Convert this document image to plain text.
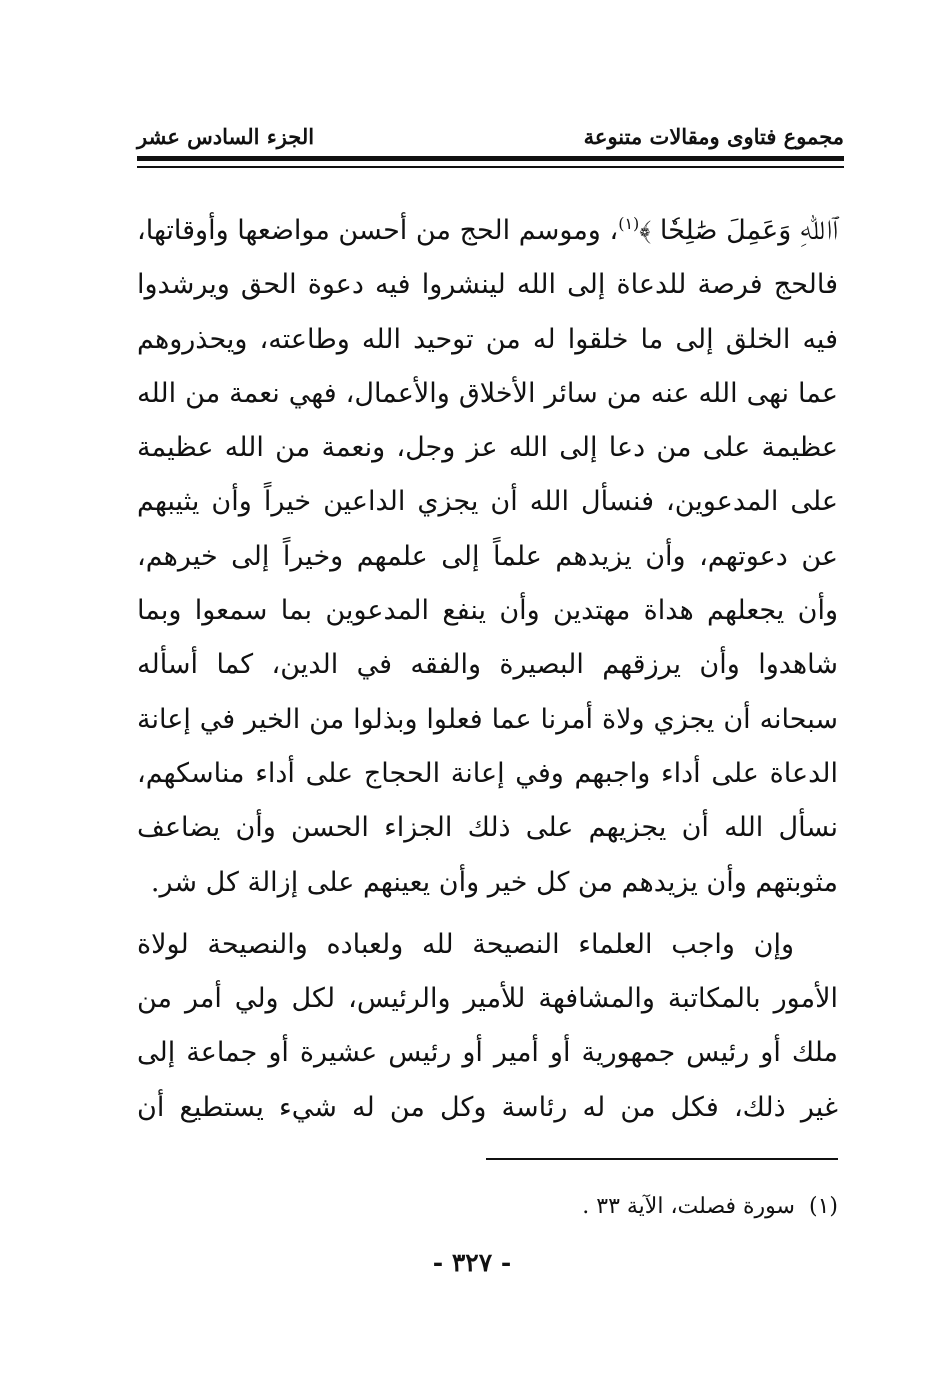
مجموع فتاوى ومقالات متنوعة
الجزء السادس عشر

ﭐﷲِ وَعَمِلَ صَٰلِحٗا ﴾$^{(١)}$، وموسم الحج من أحسن مواضعها وأوقاتها، فالحج فرصة للدعاة إلى الله لينشروا فيه دعوة الحق ويرشدوا فيه الخلق إلى ما خلقوا له من توحيد الله وطاعته، ويحذروهم عما نهى الله عنه من سائر الأخلاق والأعمال، فهي نعمة من الله عظيمة على من دعا إلى الله عز وجل، ونعمة من الله عظيمة على المدعوين، فنسأل الله أن يجزي الداعين خيراً وأن يثيبهم عن دعوتهم، وأن يزيدهم علماً إلى علمهم وخيراً إلى خيرهم، وأن يجعلهم هداة مهتدين وأن ينفع المدعوين بما سمعوا وبما شاهدوا وأن يرزقهم البصيرة والفقه في الدين، كما أسأله سبحانه أن يجزي ولاة أمرنا عما فعلوا وبذلوا من الخير في إعانة الدعاة على أداء واجبهم وفي إعانة الحجاج على أداء مناسكهم، نسأل الله أن يجزيهم على ذلك الجزاء الحسن وأن يضاعف مثوبتهم وأن يزيدهم من كل خير وأن يعينهم على إزالة كل شر.

وإن واجب العلماء النصيحة لله ولعباده والنصيحة لولاة الأمور بالمكاتبة والمشافهة للأمير والرئيس، لكل ولي أمر من ملك أو رئيس جمهورية أو أمير أو رئيس عشيرة أو جماعة إلى غير ذلك، فكل من له رئاسة وكل من له شيء يستطيع أن

(١)سورة فصلت، الآية ٣٣ .
- ٣٢٧ -
